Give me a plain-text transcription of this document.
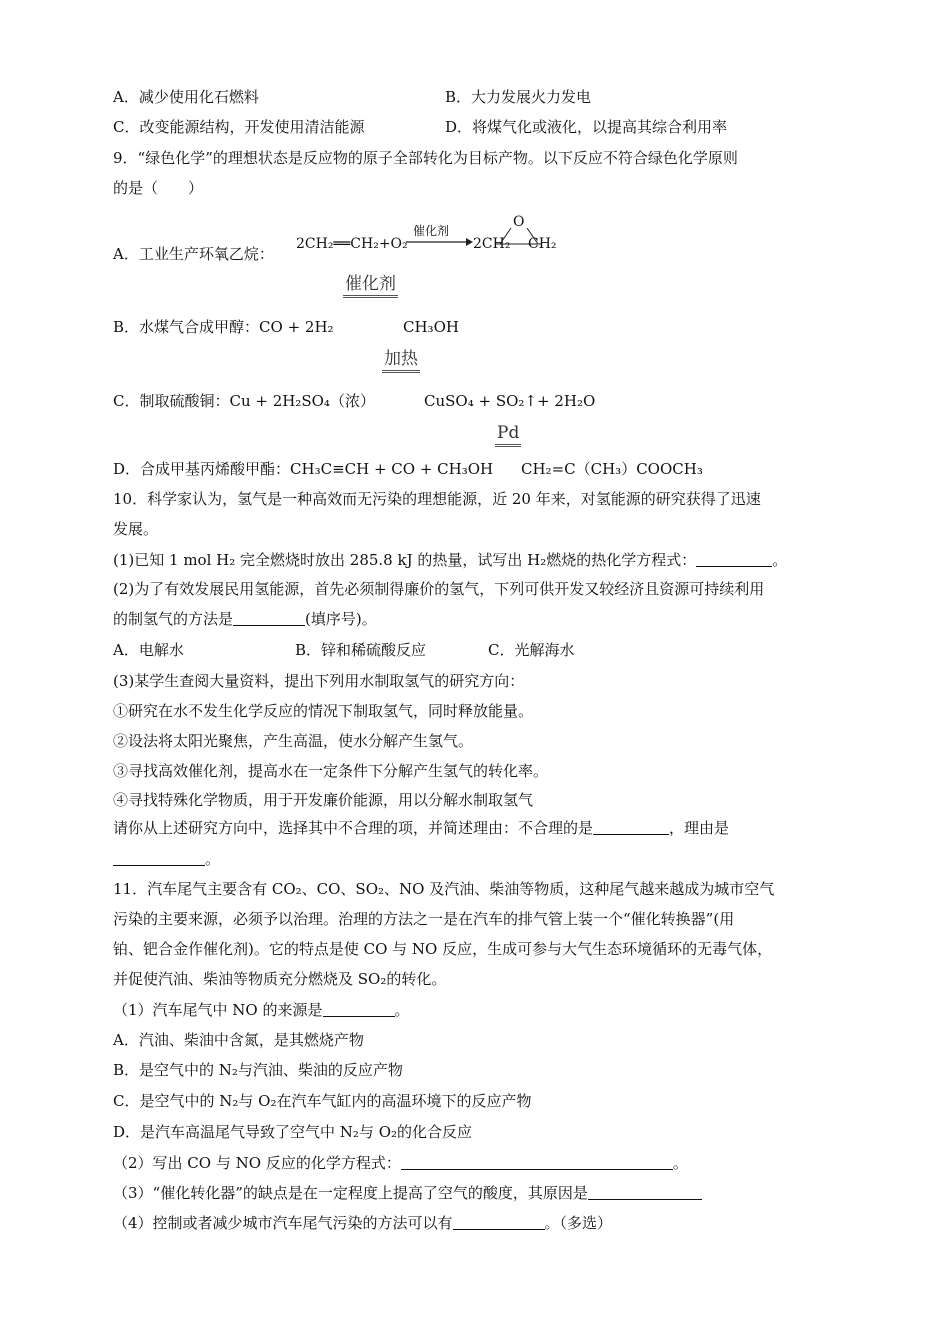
A．减少使用化石燃料	B．大力发展火力发电
C．改变能源结构，开发使用清洁能源	D．将煤气化或液化，以提高其综合利用率
9．“绿色化学”的理想状态是反应物的原子全部转化为目标产物。以下反应不符合绿色化学原则
的是（　　）
A．工业生产环氧乙烷：
2CH₂══CH₂+O₂
催化剂
2CH₂
O
CH₂
催化剂
B．水煤气合成甲醇：CO + 2H₂	CH₃OH
加热
C．制取硫酸铜：Cu + 2H₂SO₄（浓）	CuSO₄ + SO₂↑+ 2H₂O
Pd
D．合成甲基丙烯酸甲酯：CH₃C≡CH + CO + CH₃OH CH₂=C（CH₃）COOCH₃
10．科学家认为，氢气是一种高效而无污染的理想能源，近 20 年来，对氢能源的研究获得了迅速
发展。
(1)已知 1 mol H₂ 完全燃烧时放出 285.8 kJ 的热量，试写出 H₂燃烧的热化学方程式：	。
(2)为了有效发展民用氢能源，首先必须制得廉价的氢气，下列可供开发又较经济且资源可持续利用
的制氢气的方法是	(填序号)。
A．电解水	B．锌和稀硫酸反应	C．光解海水
(3)某学生查阅大量资料，提出下列用水制取氢气的研究方向：
①研究在水不发生化学反应的情况下制取氢气，同时释放能量。
②设法将太阳光聚焦，产生高温，使水分解产生氢气。
③寻找高效催化剂，提高水在一定条件下分解产生氢气的转化率。
④寻找特殊化学物质，用于开发廉价能源，用以分解水制取氢气
请你从上述研究方向中，选择其中不合理的项，并简述理由：不合理的是	，理由是
。
11．汽车尾气主要含有 CO₂、CO、SO₂、NO 及汽油、柴油等物质，这种尾气越来越成为城市空气
污染的主要来源，必须予以治理。治理的方法之一是在汽车的排气管上装一个“催化转换器”(用
铂、钯合金作催化剂)。它的特点是使 CO 与 NO 反应，生成可参与大气生态环境循环的无毒气体，
并促使汽油、柴油等物质充分燃烧及 SO₂的转化。
（1）汽车尾气中 NO 的来源是	。
A．汽油、柴油中含氮，是其燃烧产物
B．是空气中的 N₂与汽油、柴油的反应产物
C．是空气中的 N₂与 O₂在汽车气缸内的高温环境下的反应产物
D．是汽车高温尾气导致了空气中 N₂与 O₂的化合反应
（2）写出 CO 与 NO 反应的化学方程式：	。
（3）“催化转化器”的缺点是在一定程度上提高了空气的酸度，其原因是
（4）控制或者减少城市汽车尾气污染的方法可以有	。（多选）
